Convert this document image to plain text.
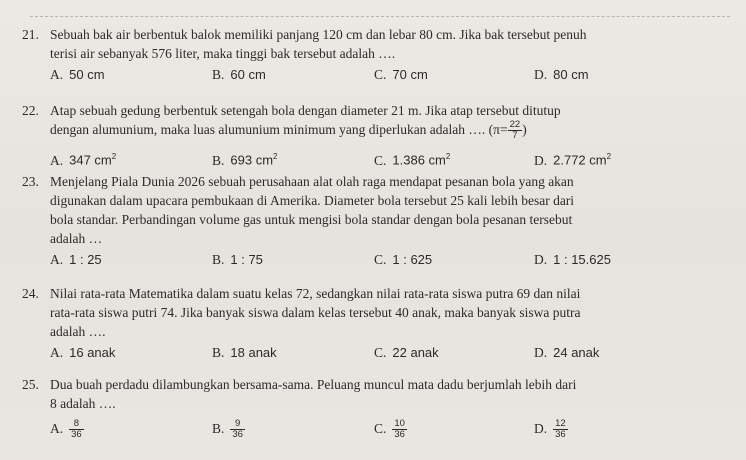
21. Sebuah bak air berbentuk balok memiliki panjang 120 cm dan lebar 80 cm. Jika bak tersebut penuh
terisi air sebanyak 576 liter, maka tinggi bak tersebut adalah ….
A. 50 cm	B. 60 cm	C. 70 cm	D. 80 cm
22. Atap sebuah gedung berbentuk setengah bola dengan diameter 21 m. Jika atap tersebut ditutup
dengan alumunium, maka luas alumunium minimum yang diperlukan adalah …. ($\pi= \frac{22}{7}$ )
A. 347 $cm^2$	B. 693 $cm^2$	C. 1.386 $cm^2$	D. 2.772 $cm^2$
23. Menjelang Piala Dunia 2026 sebuah perusahaan alat olah raga mendapat pesanan bola yang akan
digunakan dalam upacara pembukaan di Amerika. Diameter bola tersebut 25 kali lebih besar dari
bola standar. Perbandingan volume gas untuk mengisi bola standar dengan bola pesanan tersebut
adalah …
A. 1 : 25	B. 1 : 75	C. 1 : 625	D. 1 : 15.625
24. Nilai rata-rata Matematika dalam suatu kelas 72, sedangkan nilai rata-rata siswa putra 69 dan nilai
rata-rata siswa putri 74. Jika banyak siswa dalam kelas tersebut 40 anak, maka banyak siswa putra
adalah ….
A. 16 anak	B. 18 anak	C. 22 anak	D. 24 anak
25. Dua buah perdadu dilambungkan bersama-sama. Peluang muncul mata dadu berjumlah lebih dari
8 adalah ….
A. $\frac{8}{36}$	B. $\frac{9}{36}$	C. $\frac{10}{36}$	D. $\frac{12}{36}$
